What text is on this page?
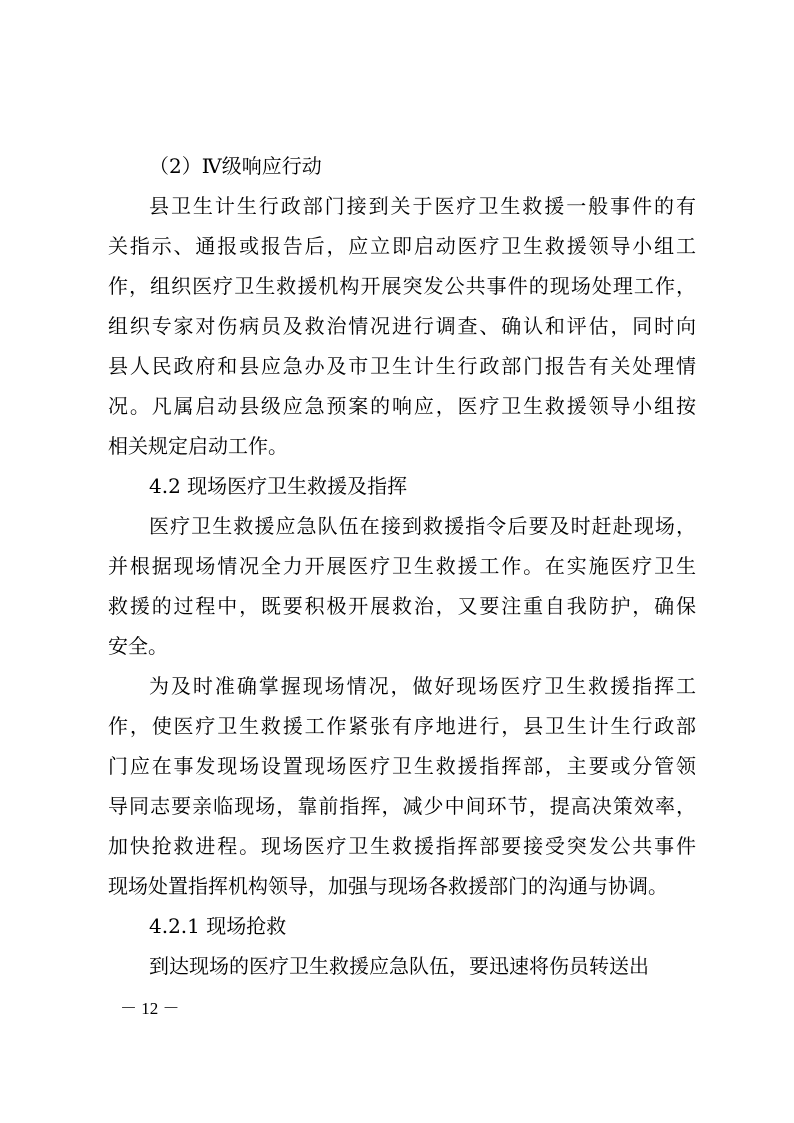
（2）Ⅳ级响应行动
县卫生计生行政部门接到关于医疗卫生救援一般事件的有
关指示、通报或报告后，应立即启动医疗卫生救援领导小组工
作，组织医疗卫生救援机构开展突发公共事件的现场处理工作，
组织专家对伤病员及救治情况进行调查、确认和评估，同时向
县人民政府和县应急办及市卫生计生行政部门报告有关处理情
况。凡属启动县级应急预案的响应，医疗卫生救援领导小组按
相关规定启动工作。
4.2 现场医疗卫生救援及指挥
医疗卫生救援应急队伍在接到救援指令后要及时赶赴现场，
并根据现场情况全力开展医疗卫生救援工作。在实施医疗卫生
救援的过程中，既要积极开展救治，又要注重自我防护，确保
安全。
为及时准确掌握现场情况，做好现场医疗卫生救援指挥工
作，使医疗卫生救援工作紧张有序地进行，县卫生计生行政部
门应在事发现场设置现场医疗卫生救援指挥部，主要或分管领
导同志要亲临现场，靠前指挥，减少中间环节，提高决策效率，
加快抢救进程。现场医疗卫生救援指挥部要接受突发公共事件
现场处置指挥机构领导，加强与现场各救援部门的沟通与协调。
4.2.1 现场抢救
到达现场的医疗卫生救援应急队伍，要迅速将伤员转送出
－ 12 －
